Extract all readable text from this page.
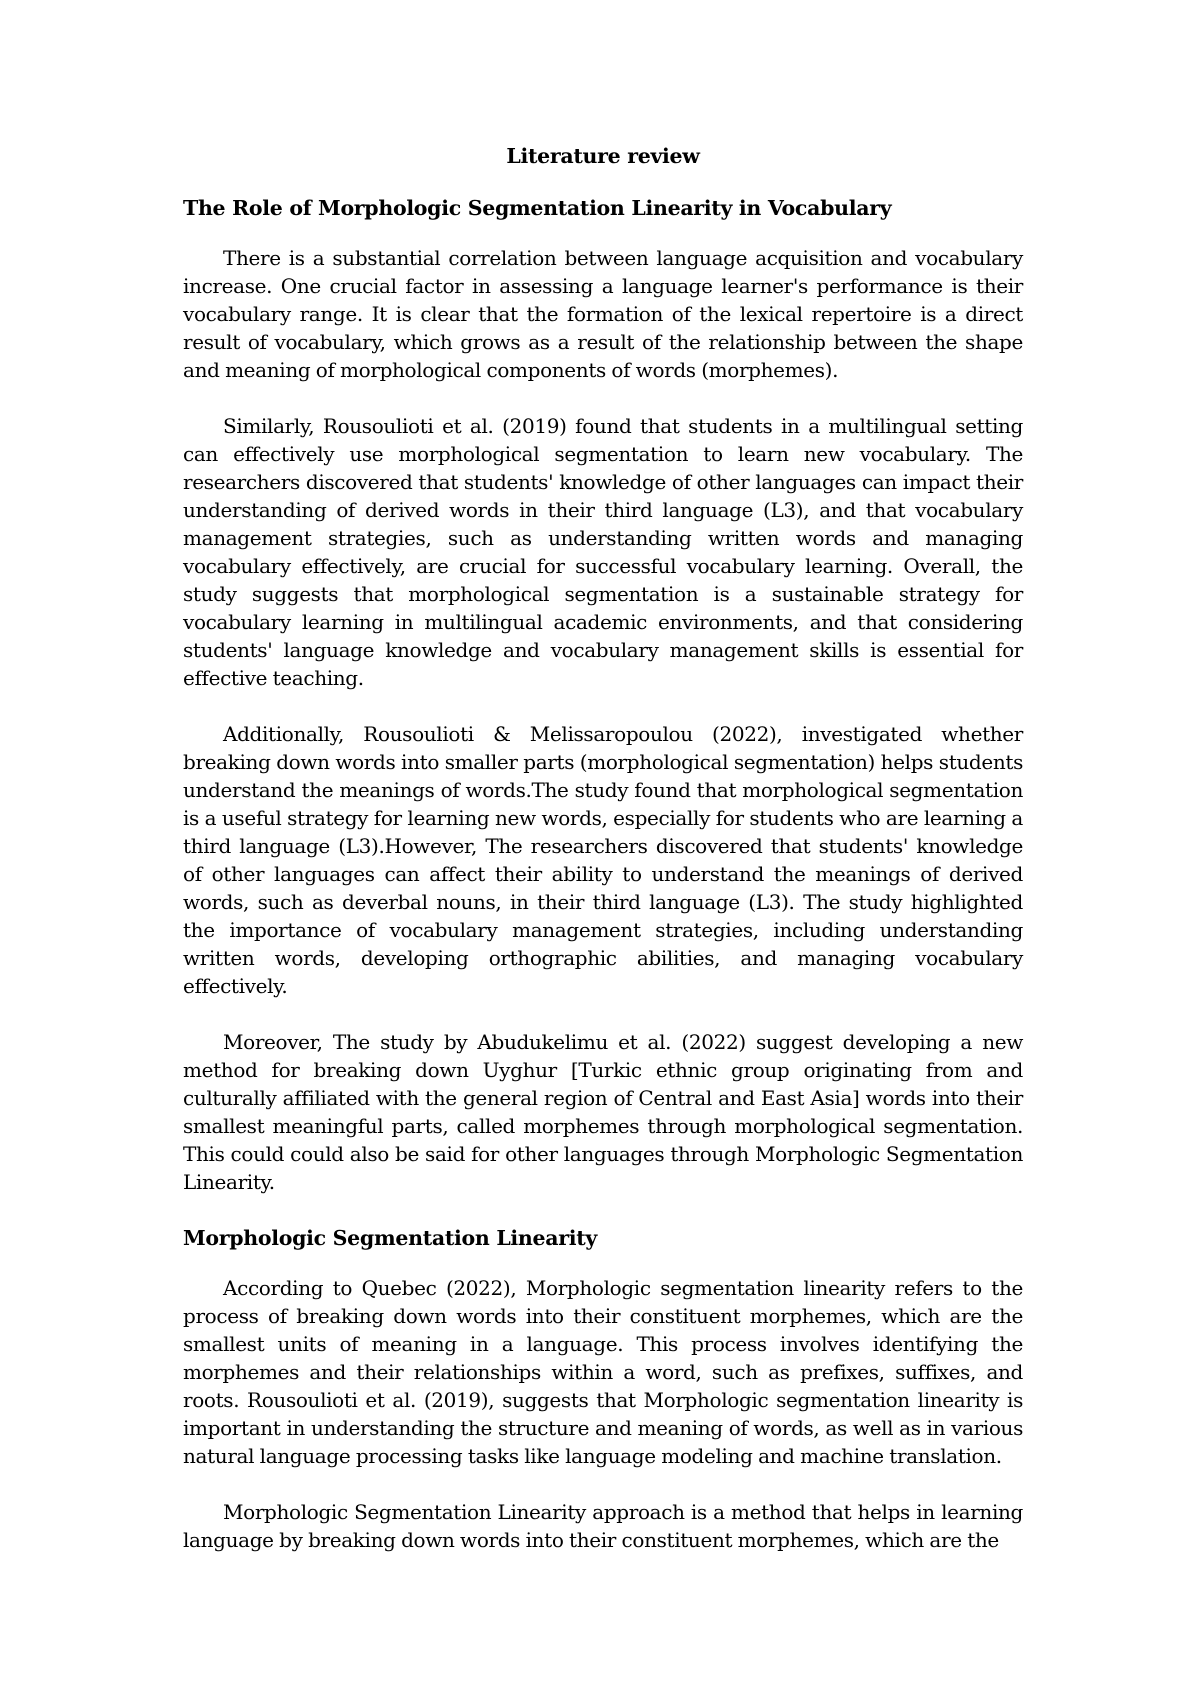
Literature review
The Role of Morphologic Segmentation Linearity in Vocabulary

There is a substantial correlation between language acquisition and vocabulary increase. One crucial factor in assessing a language learner's performance is their vocabulary range. It is clear that the formation of the lexical repertoire is a direct result of vocabulary, which grows as a result of the relationship between the shape and meaning of morphological components of words (morphemes).

Similarly, Rousoulioti et al. (2019) found that students in a multilingual setting can effectively use morphological segmentation to learn new vocabulary. The researchers discovered that students' knowledge of other languages can impact their understanding of derived words in their third language (L3), and that vocabulary management strategies, such as understanding written words and managing vocabulary effectively, are crucial for successful vocabulary learning. Overall, the study suggests that morphological segmentation is a sustainable strategy for vocabulary learning in multilingual academic environments, and that considering students' language knowledge and vocabulary management skills is essential for effective teaching.

Additionally, Rousoulioti & Melissaropoulou (2022), investigated whether breaking down words into smaller parts (morphological segmentation) helps students understand the meanings of words.The study found that morphological segmentation is a useful strategy for learning new words, especially for students who are learning a third language (L3).However, The researchers discovered that students' knowledge of other languages can affect their ability to understand the meanings of derived words, such as deverbal nouns, in their third language (L3). The study highlighted the importance of vocabulary management strategies, including understanding written words, developing orthographic abilities, and managing vocabulary effectively.

Moreover, The study by Abudukelimu et al. (2022) suggest developing a new method for breaking down Uyghur [Turkic ethnic group originating from and culturally affiliated with the general region of Central and East Asia] words into their smallest meaningful parts, called morphemes through morphological segmentation. This could could also be said for other languages through Morphologic Segmentation Linearity.

Morphologic Segmentation Linearity

According to Quebec (2022), Morphologic segmentation linearity refers to the process of breaking down words into their constituent morphemes, which are the smallest units of meaning in a language. This process involves identifying the morphemes and their relationships within a word, such as prefixes, suffixes, and roots. Rousoulioti et al. (2019), suggests that Morphologic segmentation linearity is important in understanding the structure and meaning of words, as well as in various natural language processing tasks like language modeling and machine translation.

Morphologic Segmentation Linearity approach is a method that helps in learning language by breaking down words into their constituent morphemes, which are the
